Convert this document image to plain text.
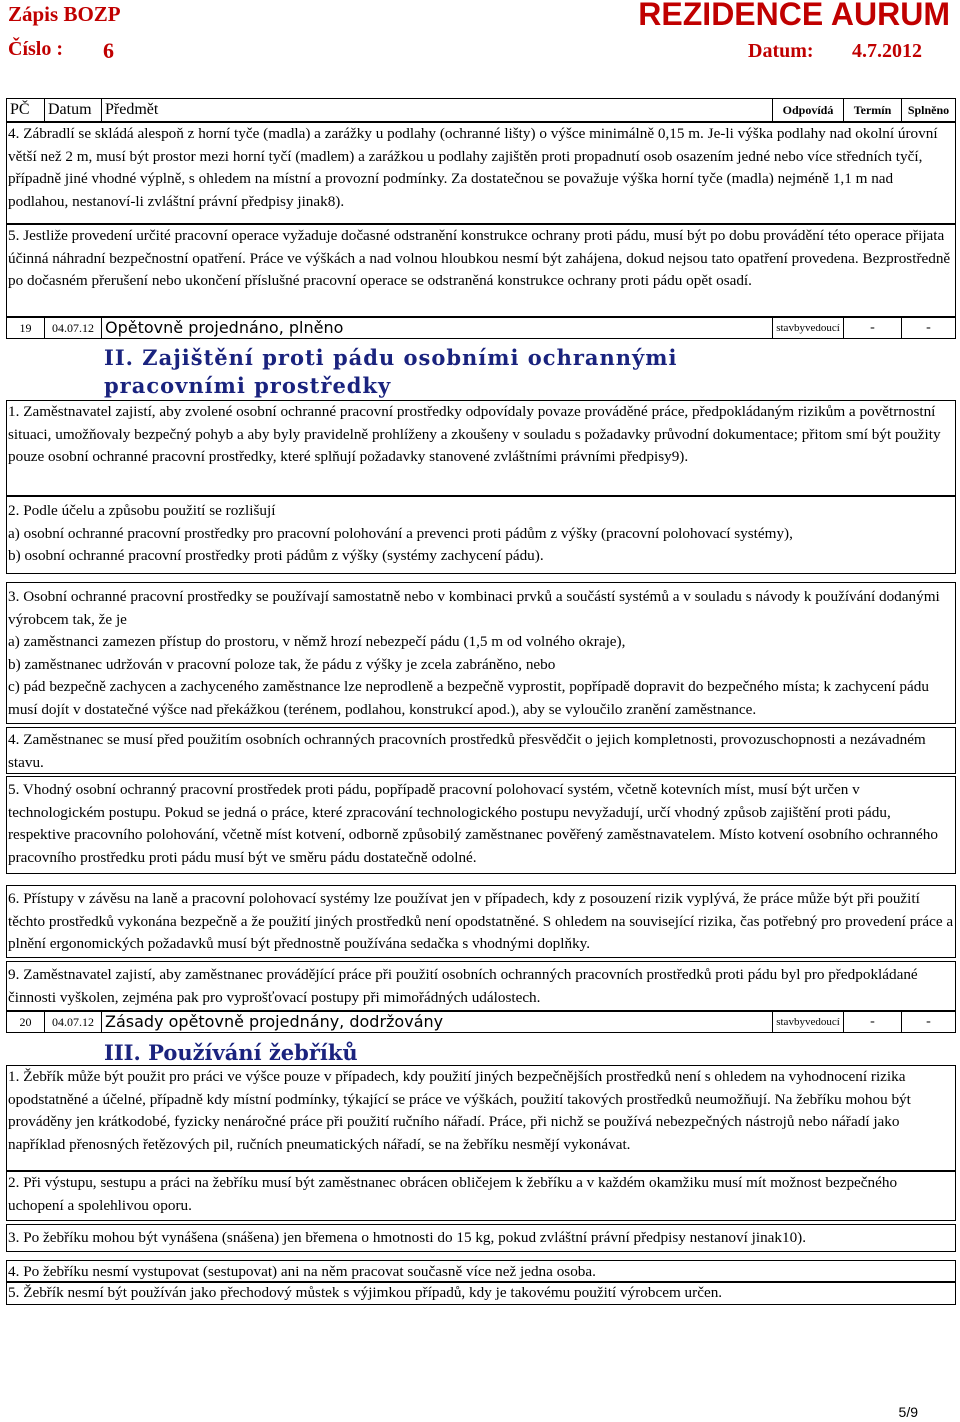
Zápis BOZP
Číslo : 6
REZIDENCE AURUM
Datum: 4.7.2012
PČ	Datum Předmět	Odpovídá	Termín	Splněno

4. Zábradlí se skládá alespoň z horní tyče (madla) a zarážky u podlahy (ochranné lišty) o výšce minimálně 0,15 m. Je-li výška podlahy nad okolní úrovní větší než 2 m, musí být prostor mezi horní tyčí (madlem) a zarážkou u podlahy zajištěn proti propadnutí osob osazením jedné nebo více středních tyčí, případně jiné vhodné výplně, s ohledem na místní a provozní podmínky. Za dostatečnou se považuje výška horní tyče (madla) nejméně 1,1 m nad podlahou, nestanoví-li zvláštní právní předpisy jinak8).

5. Jestliže provedení určité pracovní operace vyžaduje dočasné odstranění konstrukce ochrany proti pádu, musí být po dobu provádění této operace přijata účinná náhradní bezpečnostní opatření. Práce ve výškách a nad volnou hloubkou nesmí být zahájena, dokud nejsou tato opatření provedena. Bezprostředně po dočasném přerušení nebo ukončení příslušné pracovní operace se odstraněná konstrukce ochrany proti pádu opět osadí.

19	04.07.12 Opětovně projednáno, plněno	stavbyvedoucí	-	-
II. Zajištění proti pádu osobními ochrannými pracovními prostředky

1. Zaměstnavatel zajistí, aby zvolené osobní ochranné pracovní prostředky odpovídaly povaze prováděné práce, předpokládaným rizikům a povětrnostní situaci, umožňovaly bezpečný pohyb a aby byly pravidelně prohlíženy a zkoušeny v souladu s požadavky průvodní dokumentace; přitom smí být použity pouze osobní ochranné pracovní prostředky, které splňují požadavky stanovené zvláštními právními předpisy9).

2. Podle účelu a způsobu použití se rozlišují
a) osobní ochranné pracovní prostředky pro pracovní polohování a prevenci proti pádům z výšky (pracovní polohovací systémy),
b) osobní ochranné pracovní prostředky proti pádům z výšky (systémy zachycení pádu).

3. Osobní ochranné pracovní prostředky se používají samostatně nebo v kombinaci prvků a součástí systémů a v souladu s návody k používání dodanými výrobcem tak, že je
a) zaměstnanci zamezen přístup do prostoru, v němž hrozí nebezpečí pádu (1,5 m od volného okraje),
b) zaměstnanec udržován v pracovní poloze tak, že pádu z výšky je zcela zabráněno, nebo
c) pád bezpečně zachycen a zachyceného zaměstnance lze neprodleně a bezpečně vyprostit, popřípadě dopravit do bezpečného místa; k zachycení pádu musí dojít v dostatečné výšce nad překážkou (terénem, podlahou, konstrukcí apod.), aby se vyloučilo zranění zaměstnance.

4. Zaměstnanec se musí před použitím osobních ochranných pracovních prostředků přesvědčit o jejich kompletnosti, provozuschopnosti a nezávadném stavu.

5. Vhodný osobní ochranný pracovní prostředek proti pádu, popřípadě pracovní polohovací systém, včetně kotevních míst, musí být určen v technologickém postupu. Pokud se jedná o práce, které zpracování technologického postupu nevyžadují, určí vhodný způsob zajištění proti pádu, respektive pracovního polohování, včetně míst kotvení, odborně způsobilý zaměstnanec pověřený zaměstnavatelem. Místo kotvení osobního ochranného pracovního prostředku proti pádu musí být ve směru pádu dostatečně odolné.

6. Přístupy v závěsu na laně a pracovní polohovací systémy lze používat jen v případech, kdy z posouzení rizik vyplývá, že práce může být při použití těchto prostředků vykonána bezpečně a že použití jiných prostředků není opodstatněné. S ohledem na související rizika, čas potřebný pro provedení práce a plnění ergonomických požadavků musí být přednostně používána sedačka s vhodnými doplňky.

9. Zaměstnavatel zajistí, aby zaměstnanec provádějící práce při použití osobních ochranných pracovních prostředků proti pádu byl pro předpokládané činnosti vyškolen, zejména pak pro vyprošťovací postupy při mimořádných událostech.

20	04.07.12 Zásady opětovně projednány, dodržovány	stavbyvedoucí	-	-
III. Používání žebříků

1. Žebřík může být použit pro práci ve výšce pouze v případech, kdy použití jiných bezpečnějších prostředků není s ohledem na vyhodnocení rizika opodstatněné a účelné, případně kdy místní podmínky, týkající se práce ve výškách, použití takových prostředků neumožňují. Na žebříku mohou být prováděny jen krátkodobé, fyzicky nenáročné práce při použití ručního nářadí. Práce, při nichž se používá nebezpečných nástrojů nebo nářadí jako například přenosných řetězových pil, ručních pneumatických nářadí, se na žebříku nesmějí vykonávat.

2. Při výstupu, sestupu a práci na žebříku musí být zaměstnanec obrácen obličejem k žebříku a v každém okamžiku musí mít možnost bezpečného uchopení a spolehlivou oporu.

3. Po žebříku mohou být vynášena (snášena) jen břemena o hmotnosti do 15 kg, pokud zvláštní právní předpisy nestanoví jinak10).

4. Po žebříku nesmí vystupovat (sestupovat) ani na něm pracovat současně více než jedna osoba.

5. Žebřík nesmí být používán jako přechodový můstek s výjimkou případů, kdy je takovému použití výrobcem určen.

5/9
